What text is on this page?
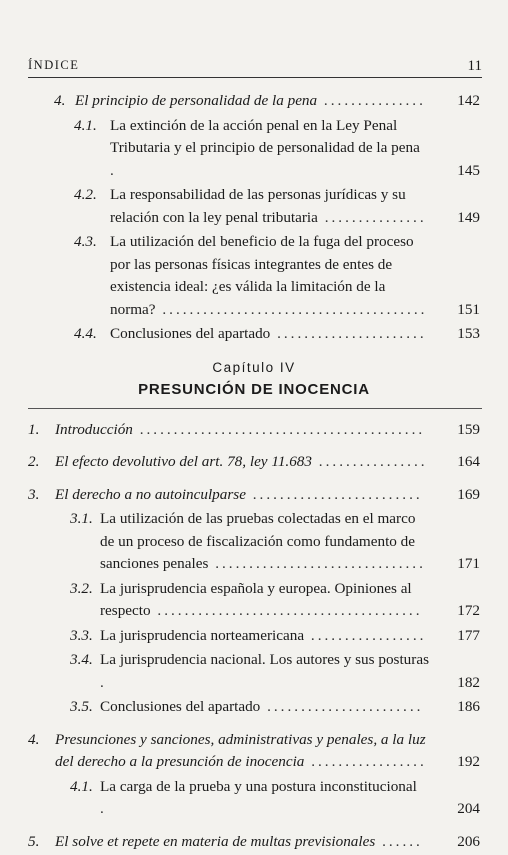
ÍNDICE	11
4. El principio de personalidad de la pena ............... 142
4.1. La extinción de la acción penal en la Ley Penal Tributaria y el principio de personalidad de la pena .	145
4.2. La responsabilidad de las personas jurídicas y su relación con la ley penal tributaria ............... 149
4.3. La utilización del beneficio de la fuga del proceso por las personas físicas integrantes de entes de existencia ideal: ¿es válida la limitación de la norma? ....................................... 151
4.4. Conclusiones del apartado ...................... 153
Capítulo IV
PRESUNCIÓN DE INOCENCIA
1. Introducción ..........................................	159
2. El efecto devolutivo del art. 78, ley 11.683 ................ 164
3. El derecho a no autoinculparse .........................	169
3.1. La utilización de las pruebas colectadas en el marco de un proceso de fiscalización como fundamento de sanciones penales ............................... 171
3.2. La jurisprudencia española y europea. Opiniones al respecto .......................................	172
3.3. La jurisprudencia norteamericana ................. 177
3.4. La jurisprudencia nacional. Los autores y sus posturas .	182
3.5. Conclusiones del apartado .......................	186
4. Presunciones y sanciones, administrativas y penales, a la luz del derecho a la presunción de inocencia ................. 192
4.1. La carga de la prueba y una postura inconstitucional .	204
5. El solve et repete en materia de multas previsionales ......	206
